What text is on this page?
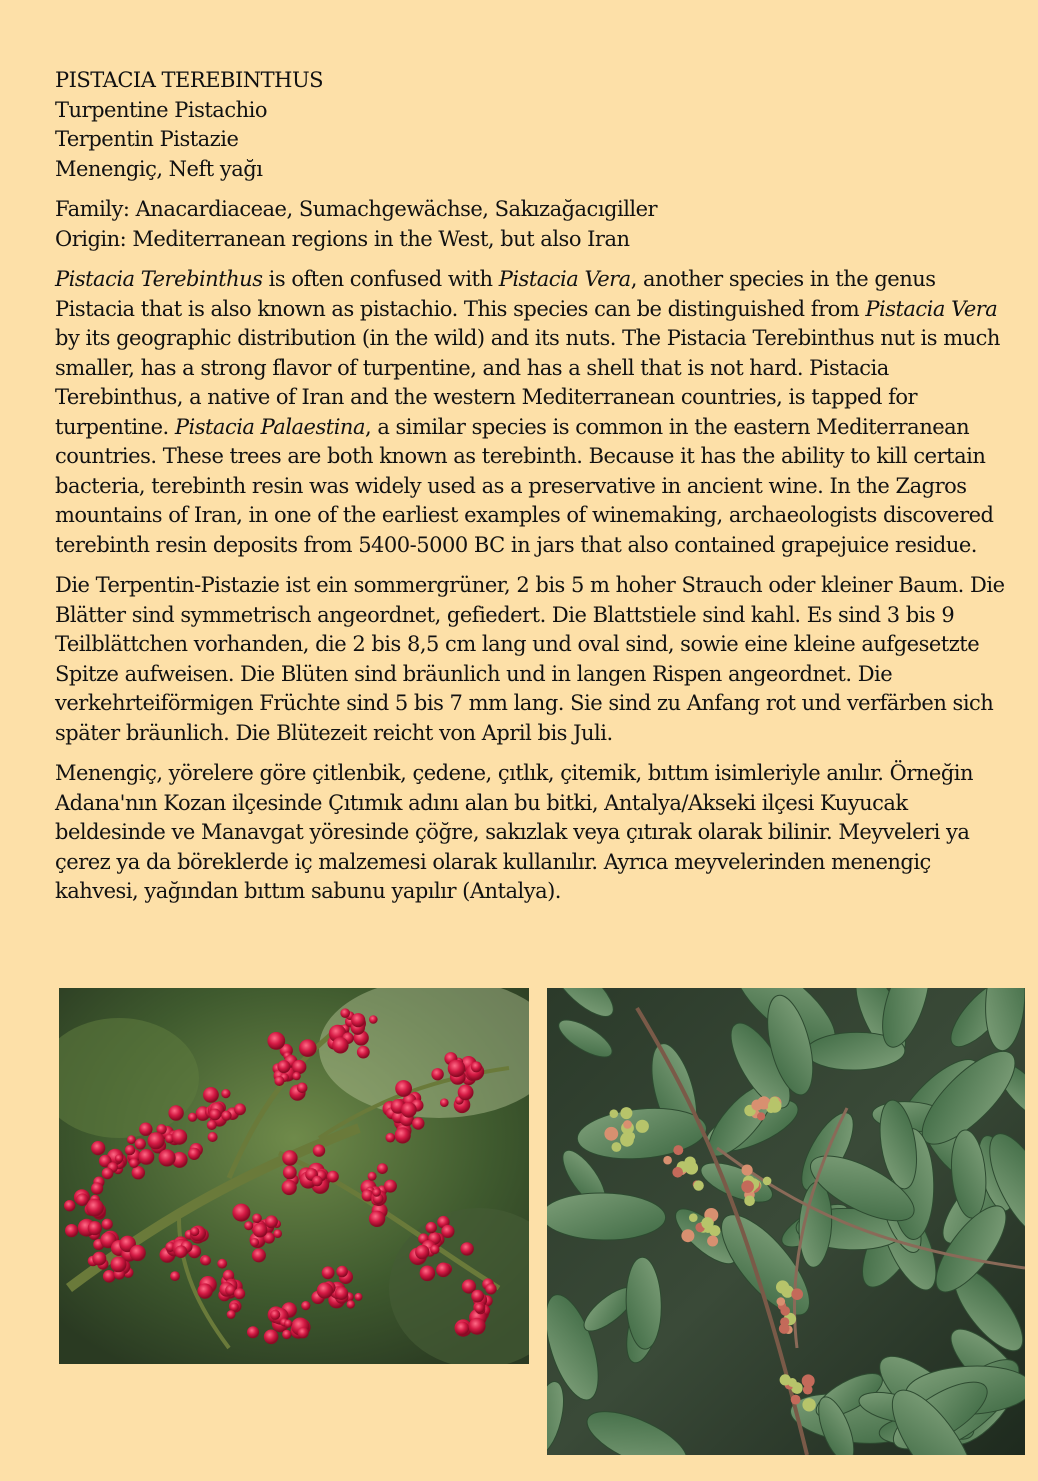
PISTACIA TEREBINTHUS
Turpentine Pistachio
Terpentin Pistazie
Menengiç, Neft yağı
Family: Anacardiaceae, Sumachgewächse, Sakızağacıgiller
Origin: Mediterranean regions in the West, but also Iran

Pistacia Terebinthus is often confused with Pistacia Vera, another species in the genus Pistacia that is also known as pistachio. This species can be distinguished from Pistacia Vera by its geographic distribution (in the wild) and its nuts. The Pistacia Terebinthus nut is much smaller, has a strong flavor of turpentine, and has a shell that is not hard. Pistacia Terebinthus, a native of Iran and the western Mediterranean countries, is tapped for turpentine. Pistacia Palaestina, a similar species is common in the eastern Mediterranean countries. These trees are both known as terebinth. Because it has the ability to kill certain bacteria, terebinth resin was widely used as a preservative in ancient wine. In the Zagros mountains of Iran, in one of the earliest examples of winemaking, archaeologists discovered terebinth resin deposits from 5400-5000 BC in jars that also contained grapejuice residue.

Die Terpentin-Pistazie ist ein sommergrüner, 2 bis 5 m hoher Strauch oder kleiner Baum. Die Blätter sind symmetrisch angeordnet, gefiedert. Die Blattstiele sind kahl. Es sind 3 bis 9 Teilblättchen vorhanden, die 2 bis 8,5 cm lang und oval sind, sowie eine kleine aufgesetzte Spitze aufweisen. Die Blüten sind bräunlich und in langen Rispen angeordnet. Die verkehrteiförmigen Früchte sind 5 bis 7 mm lang. Sie sind zu Anfang rot und verfärben sich später bräunlich. Die Blütezeit reicht von April bis Juli.

Menengiç, yörelere göre çitlenbik, çedene, çıtlık, çitemik, bıttım isimleriyle anılır. Örneğin Adana'nın Kozan ilçesinde Çıtımık adını alan bu bitki, Antalya/Akseki ilçesi Kuyucak beldesinde ve Manavgat yöresinde çöğre, sakızlak veya çıtırak olarak bilinir. Meyveleri ya çerez ya da böreklerde iç malzemesi olarak kullanılır. Ayrıca meyvelerinden menengiç kahvesi, yağından bıttım sabunu yapılır (Antalya).
